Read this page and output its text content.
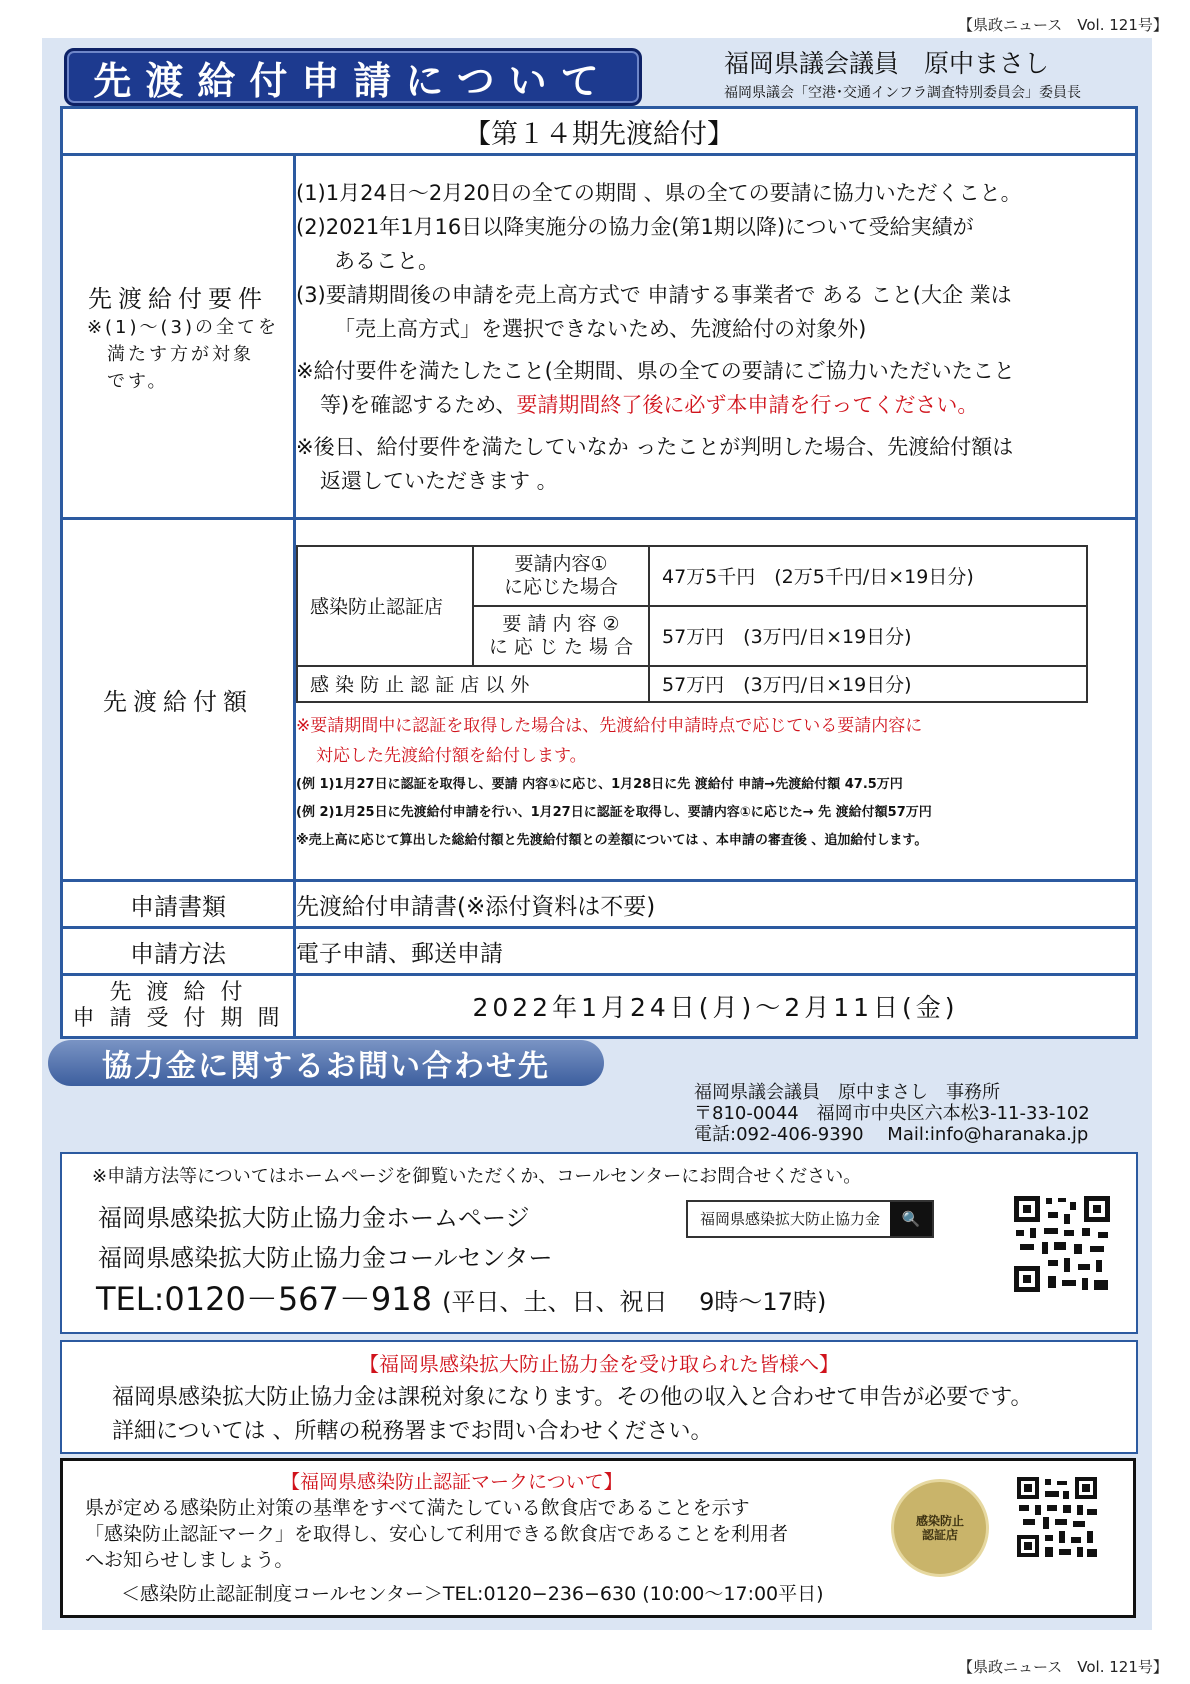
【県政ニュース　Vol. 121号】
先渡給付申請について	福岡県議会議員　原中まさし
福岡県議会「空港･交通インフラ調査特別委員会」委員長
【第１４期先渡給付】

先渡給付要件
※(1)～(3)の全てを
満たす方が対象
です。

(1)1月24日～2月20日の全ての期間 、県の全ての要請に協力いただくこと。

(2)2021年1月16日以降実施分の協力金(第1期以降)について受給実績が

あること。

(3)要請期間後の申請を売上高方式で 申請する事業者で ある こと(大企 業は

「売上高方式」を選択できないため、先渡給付の対象外)

※給付要件を満たしたこと(全期間、県の全ての要請にご協力いただいたこと

等)を確認するため、要請期間終了後に必ず本申請を行ってください。

※後日、給付要件を満たしていなか ったことが判明した場合、先渡給付額は

返還していただきます 。

先渡給付額	
感染防止認証店	要請内容①
に応じた場合	47万5千円　(2万5千円/日×19日分)
要 請 内 容 ②
に 応 じ た 場 合	57万円　(3万円/日×19日分)
感 染 防 止 認 証 店 以 外	57万円　(3万円/日×19日分)
※要請期間中に認証を取得した場合は、先渡給付申請時点で応じている要請内容に
対応した先渡給付額を給付します。
(例 1)1月27日に認証を取得し、要請 内容①に応じ、1月28日に先 渡給付 申請→先渡給付額 47.5万円
(例 2)1月25日に先渡給付申請を行い、1月27日に認証を取得し、要請内容①に応じた→ 先 渡給付額57万円
※売上高に応じて算出した総給付額と先渡給付額との差額については 、本申請の審査後 、追加給付します。

申請書類	先渡給付申請書(※添付資料は不要)
申請方法	電子申請、郵送申請

先 渡 給 付
申 請 受 付 期 間	2022年1月24日(月)～2月11日(金)
福岡県議会議員　原中まさし　事務所
〒810-0044　福岡市中央区六本松3-11-33-102
電話:092-406-9390　 Mail:info@haranaka.jp
協力金に関するお問い合わせ先
※申請方法等についてはホームページを御覧いただくか、コールセンターにお問合せください。
福岡県感染拡大防止協力金ホームページ
福岡県感染拡大防止協力金コールセンター
TEL:0120－567－918 (平日、土、日、祝日　 9時～17時)
福岡県感染拡大防止協力金	🔍
【福岡県感染拡大防止協力金を受け取られた皆様へ】
福岡県感染拡大防止協力金は課税対象になります。その他の収入と合わせて申告が必要です。
詳細については 、所轄の税務署までお問い合わせください。
【福岡県感染防止認証マークについて】
県が定める感染防止対策の基準をすべて満たしている飲食店であることを示す
「感染防止認証マーク」を取得し、安心して利用できる飲食店であることを利用者
へお知らせしましょう。
＜感染防止認証制度コールセンター＞TEL:0120−236−630 (10:00〜17:00平日)
感染防止認証店
【県政ニュース　Vol. 121号】
